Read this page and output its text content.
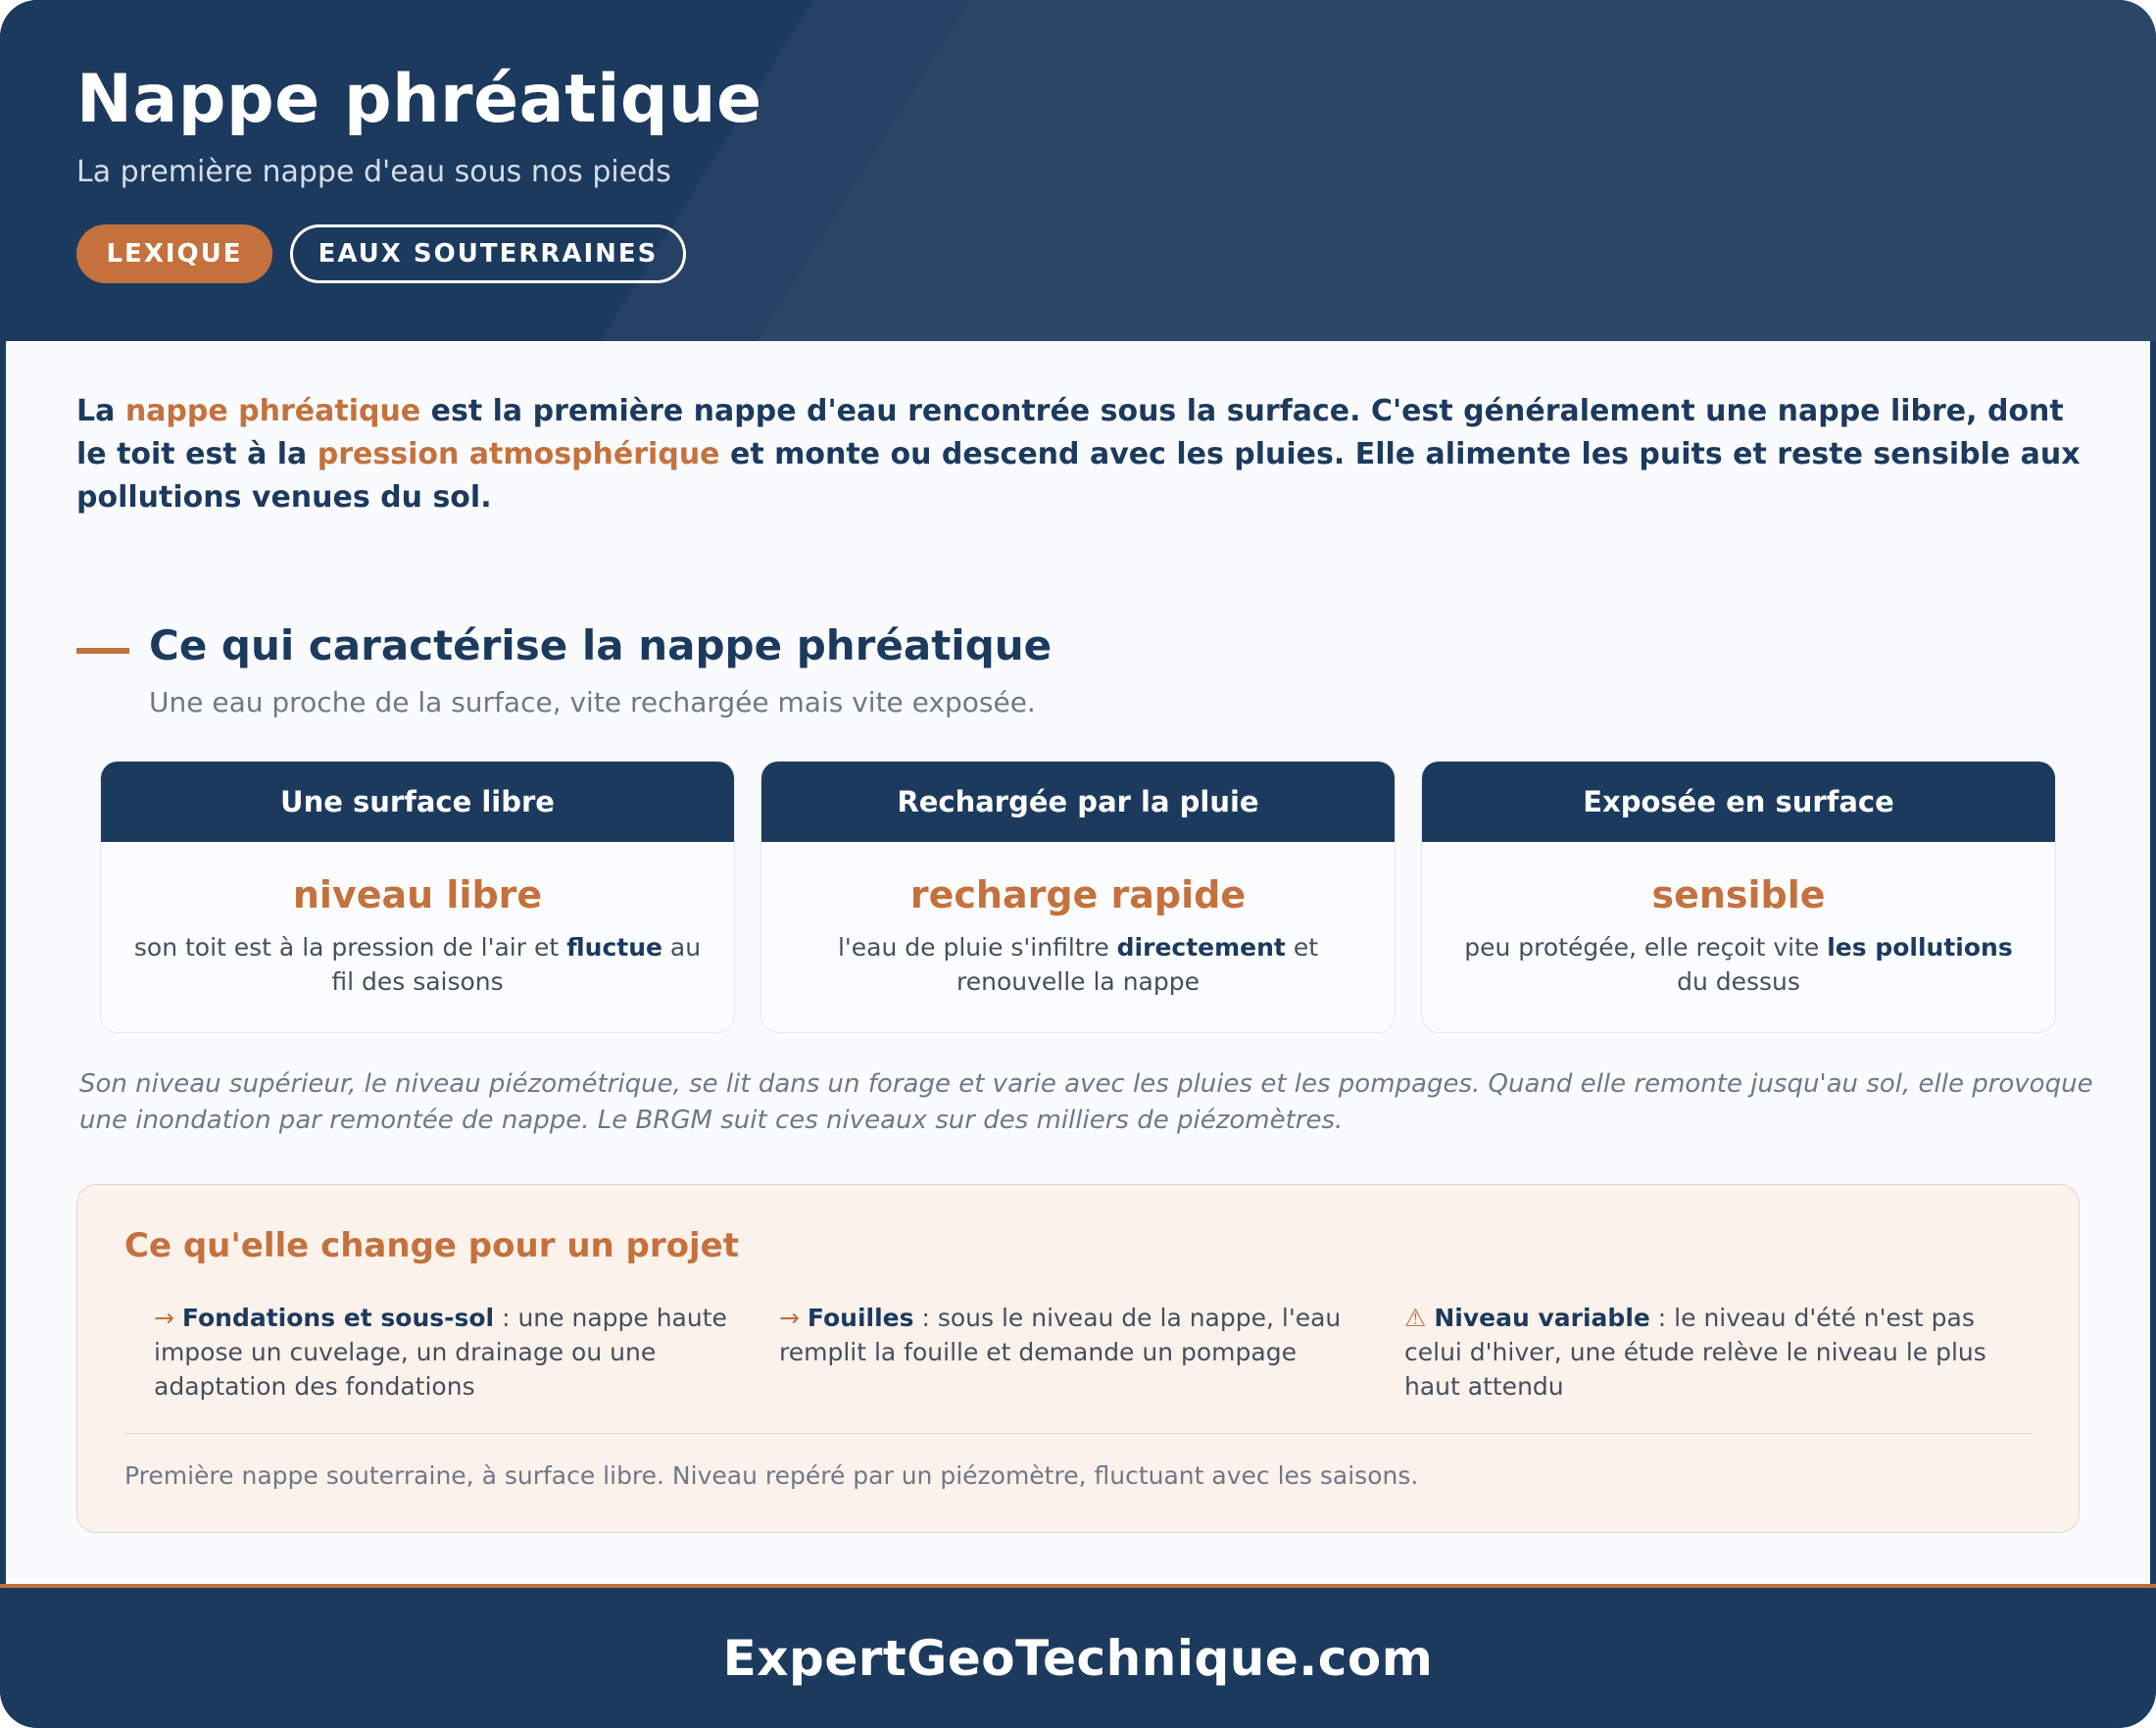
Nappe phréatique
La première nappe d'eau sous nos pieds
LEXIQUE	EAUX SOUTERRAINES

La nappe phréatique est la première nappe d'eau rencontrée sous la surface. C'est généralement une nappe libre, dont le toit est à la pression atmosphérique et monte ou descend avec les pluies. Elle alimente les puits et reste sensible aux pollutions venues du sol.

Ce qui caractérise la nappe phréatique
Une eau proche de la surface, vite rechargée mais vite exposée.
Une surface libre
niveau libre
son toit est à la pression de l'air et fluctue au fil des saisons
Rechargée par la pluie
recharge rapide
l'eau de pluie s'infiltre directement et renouvelle la nappe
Exposée en surface
sensible
peu protégée, elle reçoit vite les pollutions du dessus

Son niveau supérieur, le niveau piézométrique, se lit dans un forage et varie avec les pluies et les pompages. Quand elle remonte jusqu'au sol, elle provoque une inondation par remontée de nappe. Le BRGM suit ces niveaux sur des milliers de piézomètres.

Ce qu'elle change pour un projet
→ Fondations et sous-sol : une nappe haute impose un cuvelage, un drainage ou une adaptation des fondations
→ Fouilles : sous le niveau de la nappe, l'eau remplit la fouille et demande un pompage
⚠ Niveau variable : le niveau d'été n'est pas celui d'hiver, une étude relève le niveau le plus haut attendu
Première nappe souterraine, à surface libre. Niveau repéré par un piézomètre, fluctuant avec les saisons.
ExpertGeoTechnique.com
